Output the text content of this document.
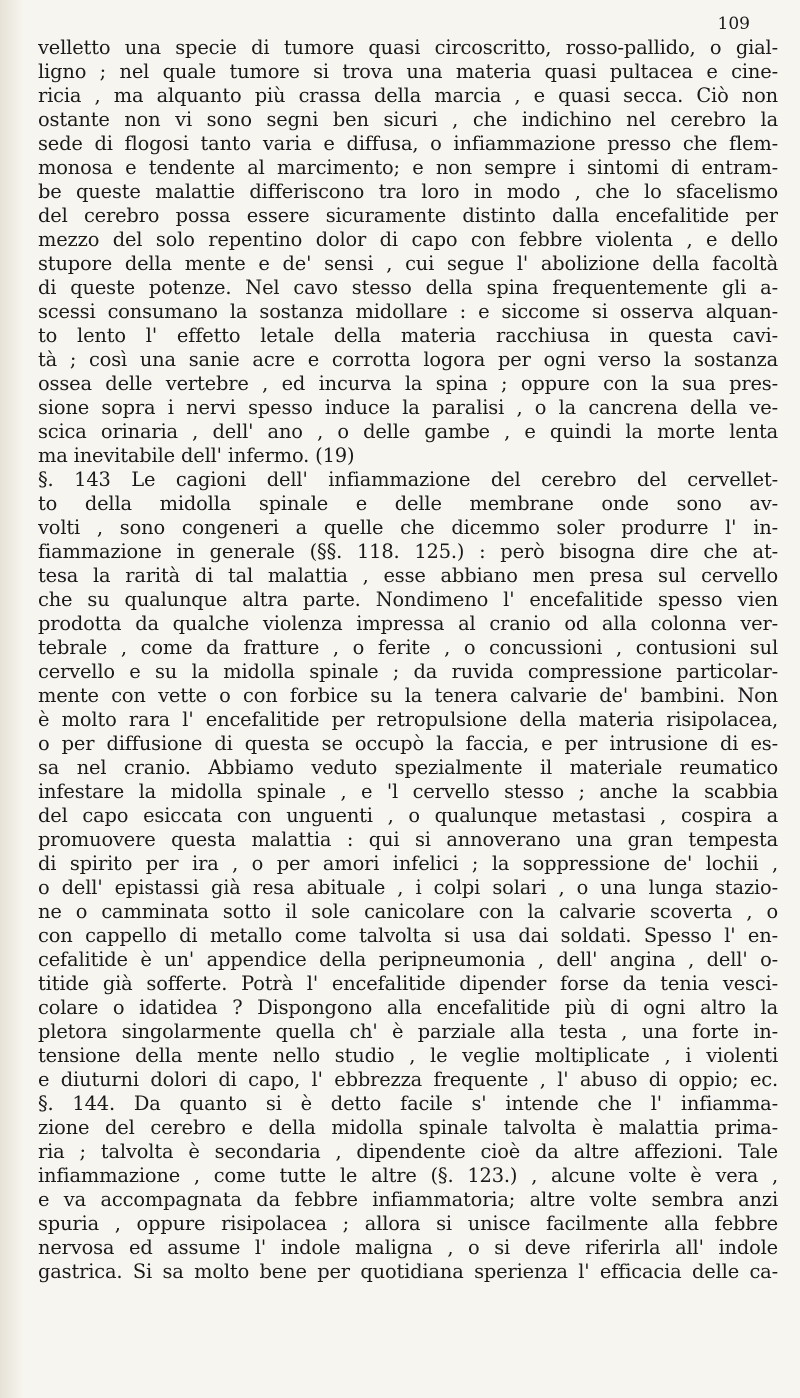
109
velletto una specie di tumore quasi circoscritto, rosso-pallido, o gial-
ligno ; nel quale tumore si trova una materia quasi pultacea e cine-
ricia , ma alquanto più crassa della marcia , e quasi secca. Ciò non
ostante non vi sono segni ben sicuri , che indichino nel cerebro la
sede di flogosi tanto varia e diffusa, o infiammazione presso che flem-
monosa e tendente al marcimento; e non sempre i sintomi di entram-
be queste malattie differiscono tra loro in modo , che lo sfacelismo
del cerebro possa essere sicuramente distinto dalla encefalitide per
mezzo del solo repentino dolor di capo con febbre violenta , e dello
stupore della mente e de' sensi , cui segue l' abolizione della facoltà
di queste potenze. Nel cavo stesso della spina frequentemente gli a-
scessi consumano la sostanza midollare : e siccome si osserva alquan-
to lento l' effetto letale della materia racchiusa in questa cavi-
tà ; così una sanie acre e corrotta logora per ogni verso la sostanza
ossea delle vertebre , ed incurva la spina ; oppure con la sua pres-
sione sopra i nervi spesso induce la paralisi , o la cancrena della ve-
scica orinaria , dell' ano , o delle gambe , e quindi la morte lenta
ma inevitabile dell' infermo. (19)
§. 143 Le cagioni dell' infiammazione del cerebro del cervellet-
to della midolla spinale e delle membrane onde sono av-
volti , sono congeneri a quelle che dicemmo soler produrre l' in-
fiammazione in generale (§§. 118. 125.) : però bisogna dire che at-
tesa la rarità di tal malattia , esse abbiano men presa sul cervello
che su qualunque altra parte. Nondimeno l' encefalitide spesso vien
prodotta da qualche violenza impressa al cranio od alla colonna ver-
tebrale , come da fratture , o ferite , o concussioni , contusioni sul
cervello e su la midolla spinale ; da ruvida compressione particolar-
mente con vette o con forbice su la tenera calvarie de' bambini. Non
è molto rara l' encefalitide per retropulsione della materia risipolacea,
o per diffusione di questa se occupò la faccia, e per intrusione di es-
sa nel cranio. Abbiamo veduto spezialmente il materiale reumatico
infestare la midolla spinale , e 'l cervello stesso ; anche la scabbia
del capo esiccata con unguenti , o qualunque metastasi , cospira a
promuovere questa malattia : qui si annoverano una gran tempesta
di spirito per ira , o per amori infelici ; la soppressione de' lochii ,
o dell' epistassi già resa abituale , i colpi solari , o una lunga stazio-
ne o camminata sotto il sole canicolare con la calvarie scoverta , o
con cappello di metallo come talvolta si usa dai soldati. Spesso l' en-
cefalitide è un' appendice della peripneumonia , dell' angina , dell' o-
titide già sofferte. Potrà l' encefalitide dipender forse da tenia vesci-
colare o idatidea ? Dispongono alla encefalitide più di ogni altro la
pletora singolarmente quella ch' è parziale alla testa , una forte in-
tensione della mente nello studio , le veglie moltiplicate , i violenti
e diuturni dolori di capo, l' ebbrezza frequente , l' abuso di oppio; ec.
§. 144. Da quanto si è detto facile s' intende che l' infiamma-
zione del cerebro e della midolla spinale talvolta è malattia prima-
ria ; talvolta è secondaria , dipendente cioè da altre affezioni. Tale
infiammazione , come tutte le altre (§. 123.) , alcune volte è vera ,
e va accompagnata da febbre infiammatoria; altre volte sembra anzi
spuria , oppure risipolacea ; allora si unisce facilmente alla febbre
nervosa ed assume l' indole maligna , o si deve riferirla all' indole
gastrica. Si sa molto bene per quotidiana sperienza l' efficacia delle ca-
